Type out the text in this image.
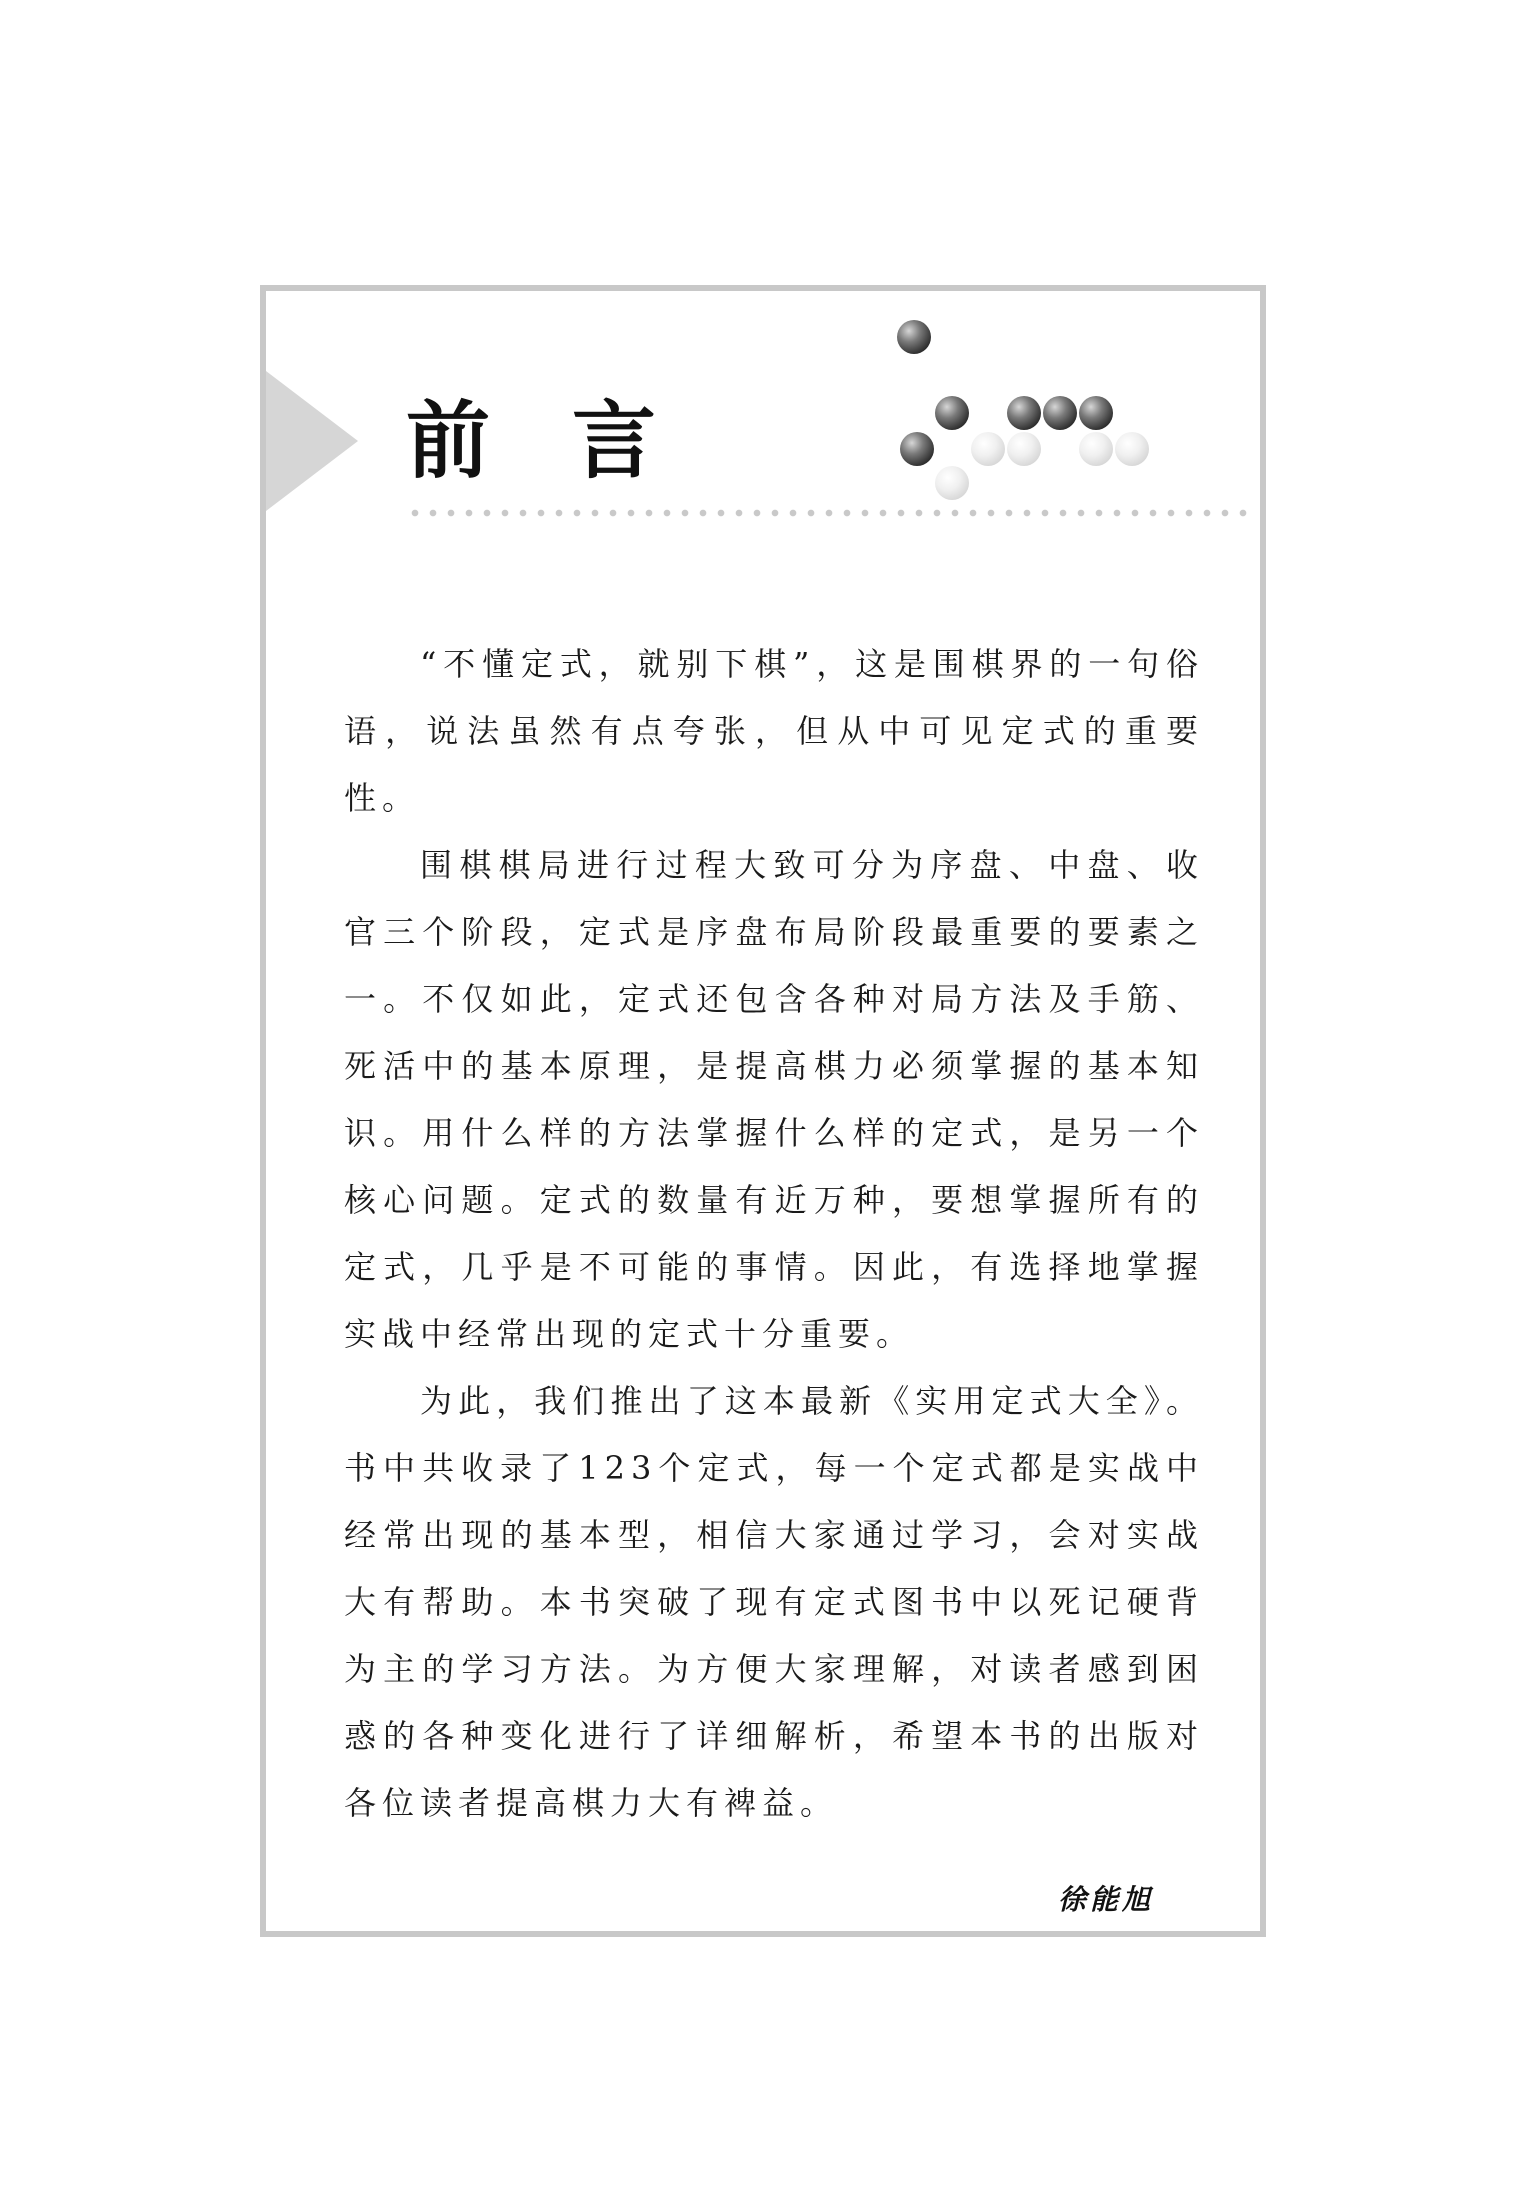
前 言

“不懂定式，就别下棋”，这是围棋界的一句俗语，说法虽然有点夸张，但从中可见定式的重要性。

围棋棋局进行过程大致可分为序盘、中盘、收官三个阶段，定式是序盘布局阶段最重要的要素之一。不仅如此，定式还包含各种对局方法及手筋、死活中的基本原理，是提高棋力必须掌握的基本知识。用什么样的方法掌握什么样的定式，是另一个核心问题。定式的数量有近万种，要想掌握所有的定式，几乎是不可能的事情。因此，有选择地掌握实战中经常出现的定式十分重要。

为此，我们推出了这本最新《实用定式大全》。书中共收录了123个定式，每一个定式都是实战中经常出现的基本型，相信大家通过学习，会对实战大有帮助。本书突破了现有定式图书中以死记硬背为主的学习方法。为方便大家理解，对读者感到困惑的各种变化进行了详细解析，希望本书的出版对各位读者提高棋力大有裨益。

徐能旭
